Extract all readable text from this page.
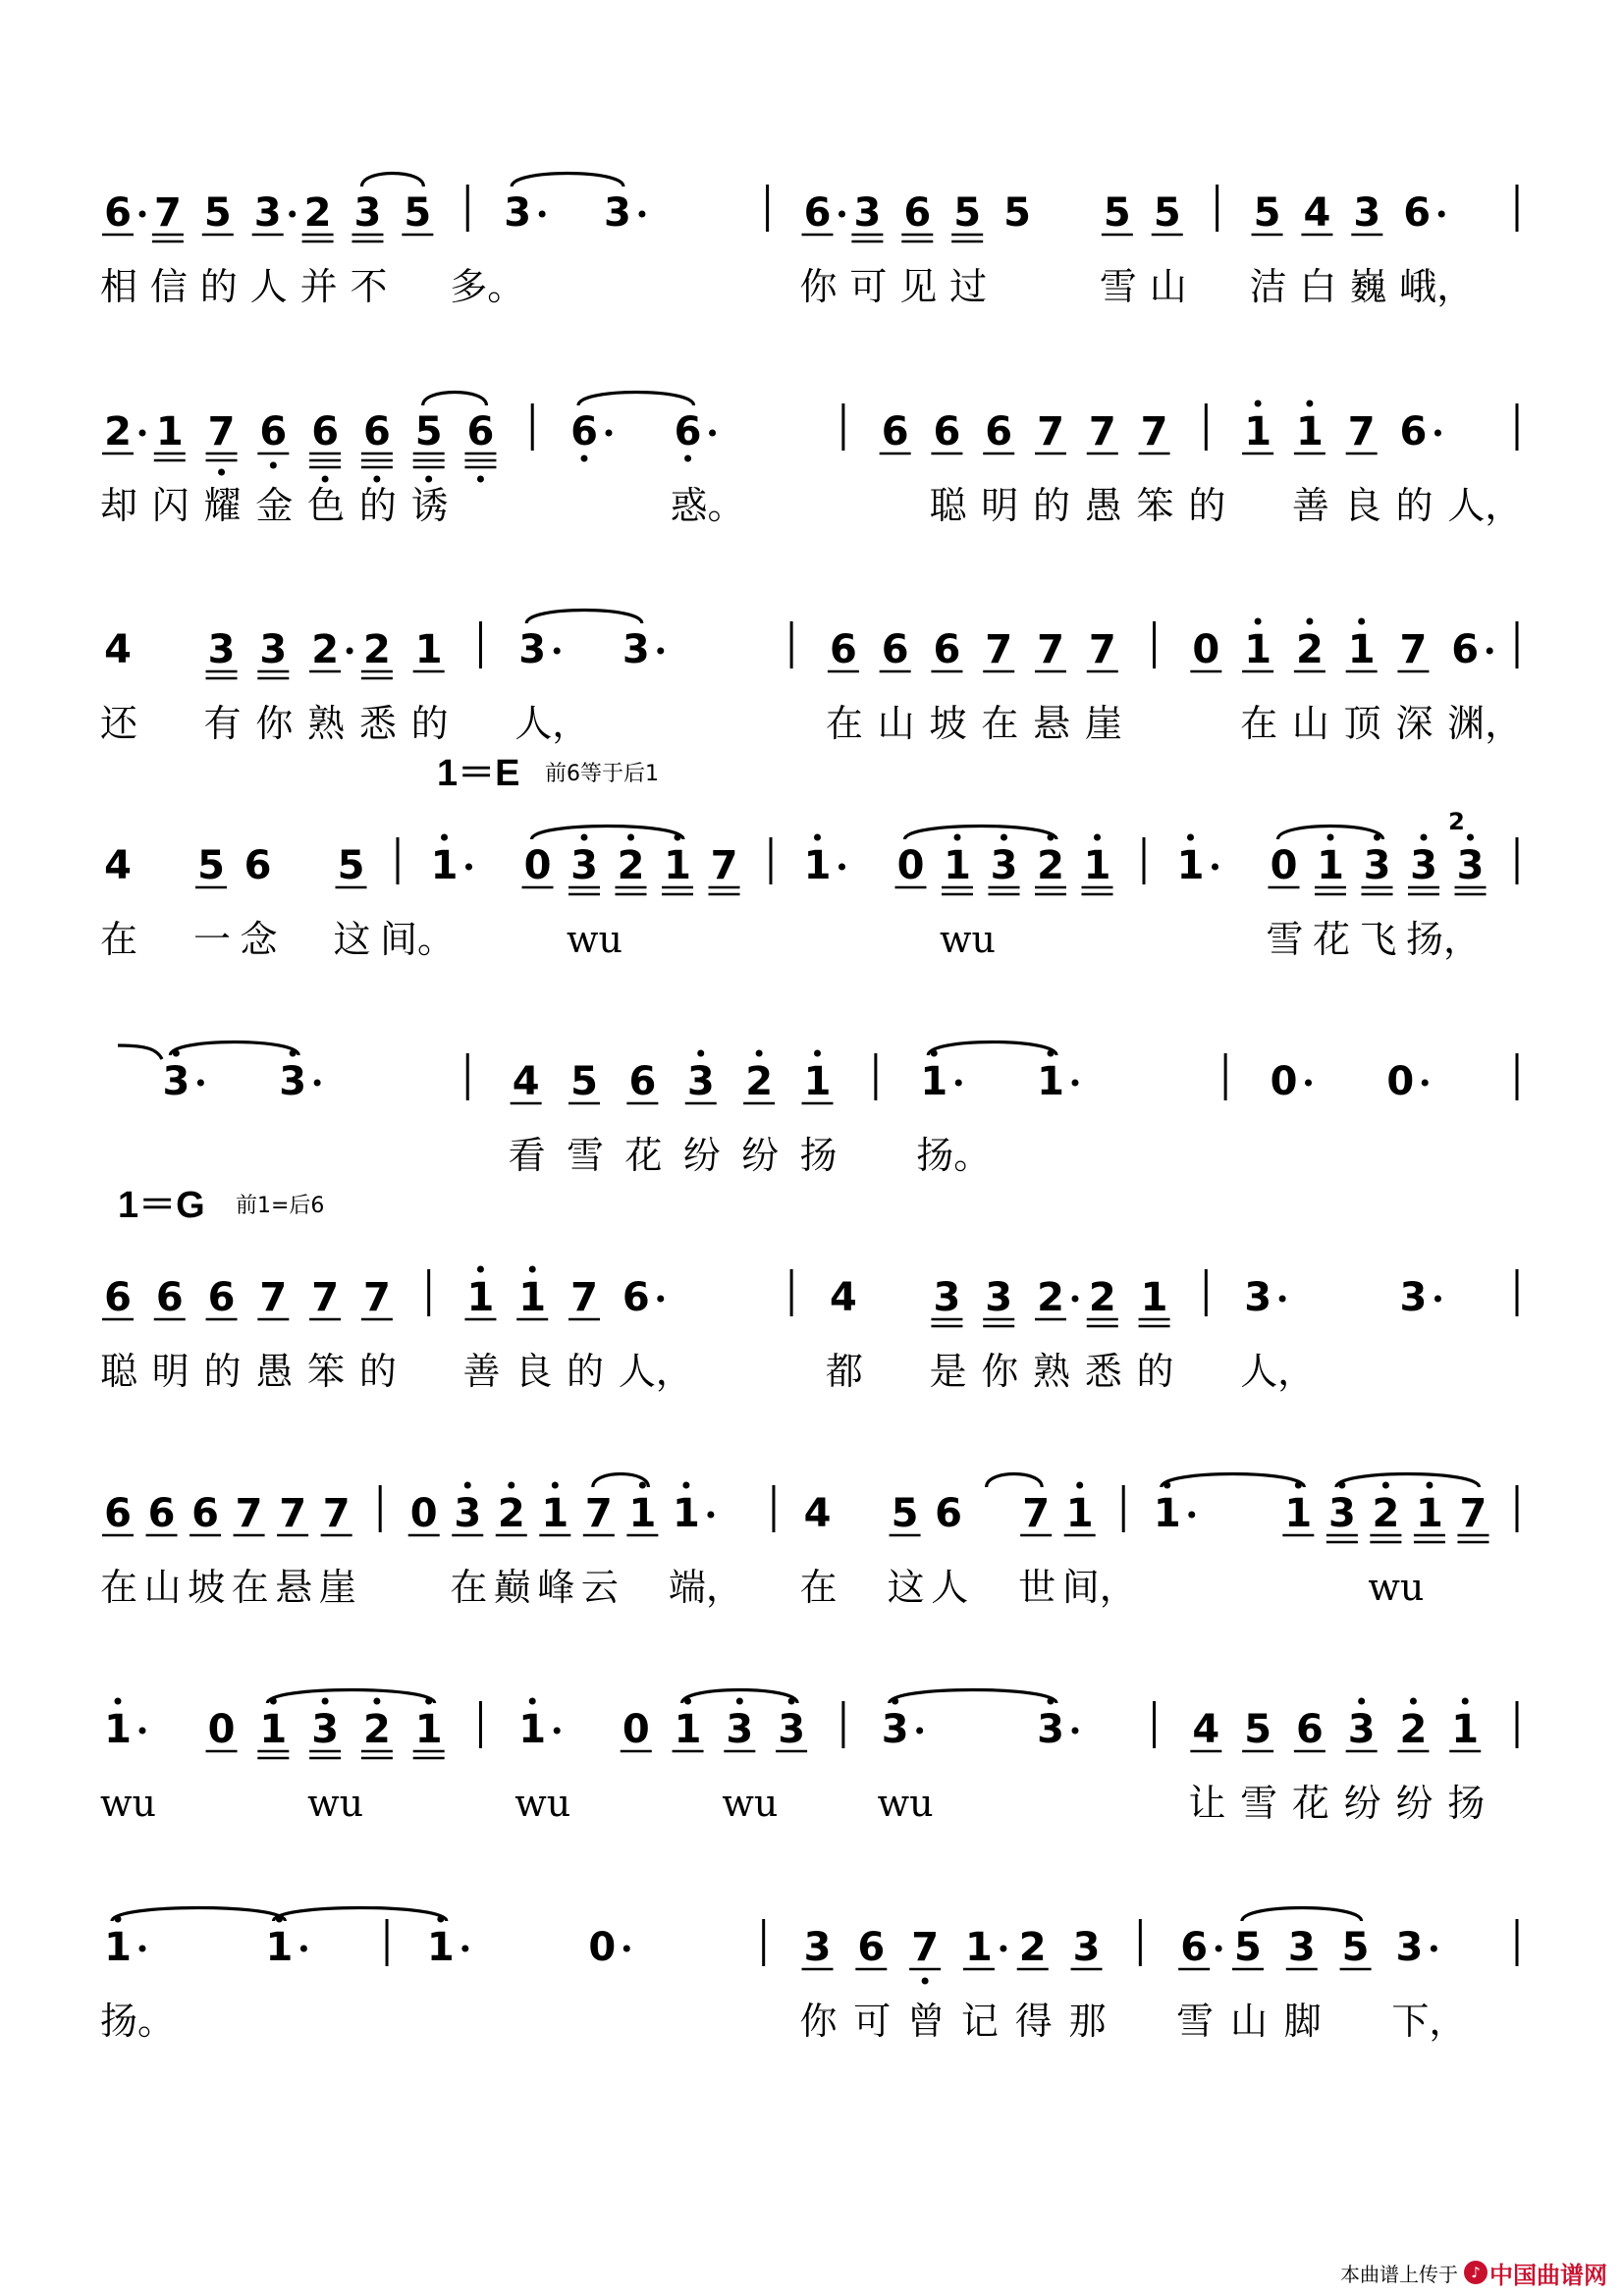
6 7 5 3 2 3 5 3 3	6 3 6 5 5 5 5 5 4 3 6
相 信 的 人 并 不 多。	你 可 见 过	雪 山 洁 白 巍 峨，
2 1 7 6 6 6 5 6 6 6	6 6 6 7 7 7 1 1 7 6
却 闪 耀 金 色 的 诱	惑。	聪 明 的 愚 笨 的 善 良 的 人，
4 3 3 2 2 1 3 3	6 6 6 7 7 7 0 1 2 1 7 6
还 有 你 熟 悉 的 人，	在 山 坡 在 悬 崖	在 山 顶 深 渊，
4 5 6 5 1 0 3 2 1 7 1 0 1 3 2 1 1 0 1 3 3 3
2
在 一 念 这 间。	wu	wu	雪 花 飞 扬，
1＝E 前6等于后1
3 3	4 5 6 3 2 1 1 1	0 0
看 雪 花 纷 纷 扬 扬。
6 6 6 7 7 7 1 1 7 6	4 3 3 2 2 1 3	3
聪 明 的 愚 笨 的 善 良 的 人，	都 是 你 熟 悉 的 人，
1＝G 前1=后6
6 6 6 7 7 7 0 3 2 1 7 1 1	4 5 6 7 1 1	1 3 2 1 7
在 山 坡 在 悬 崖	在 巅 峰 云 端， 在 这 人 世 间，	wu
1 0 1 3 2 1 1 0 1 3 3 3	3	4 5 6 3 2 1
wu	wu	wu	wu	wu	让 雪 花 纷 纷 扬
1	1	1	0	3 6 7 1 2 3 6 5 3 5 3
扬。	你 可 曾 记 得 那 雪 山 脚 下，
本曲谱上传于 ♪ 中国曲谱网
